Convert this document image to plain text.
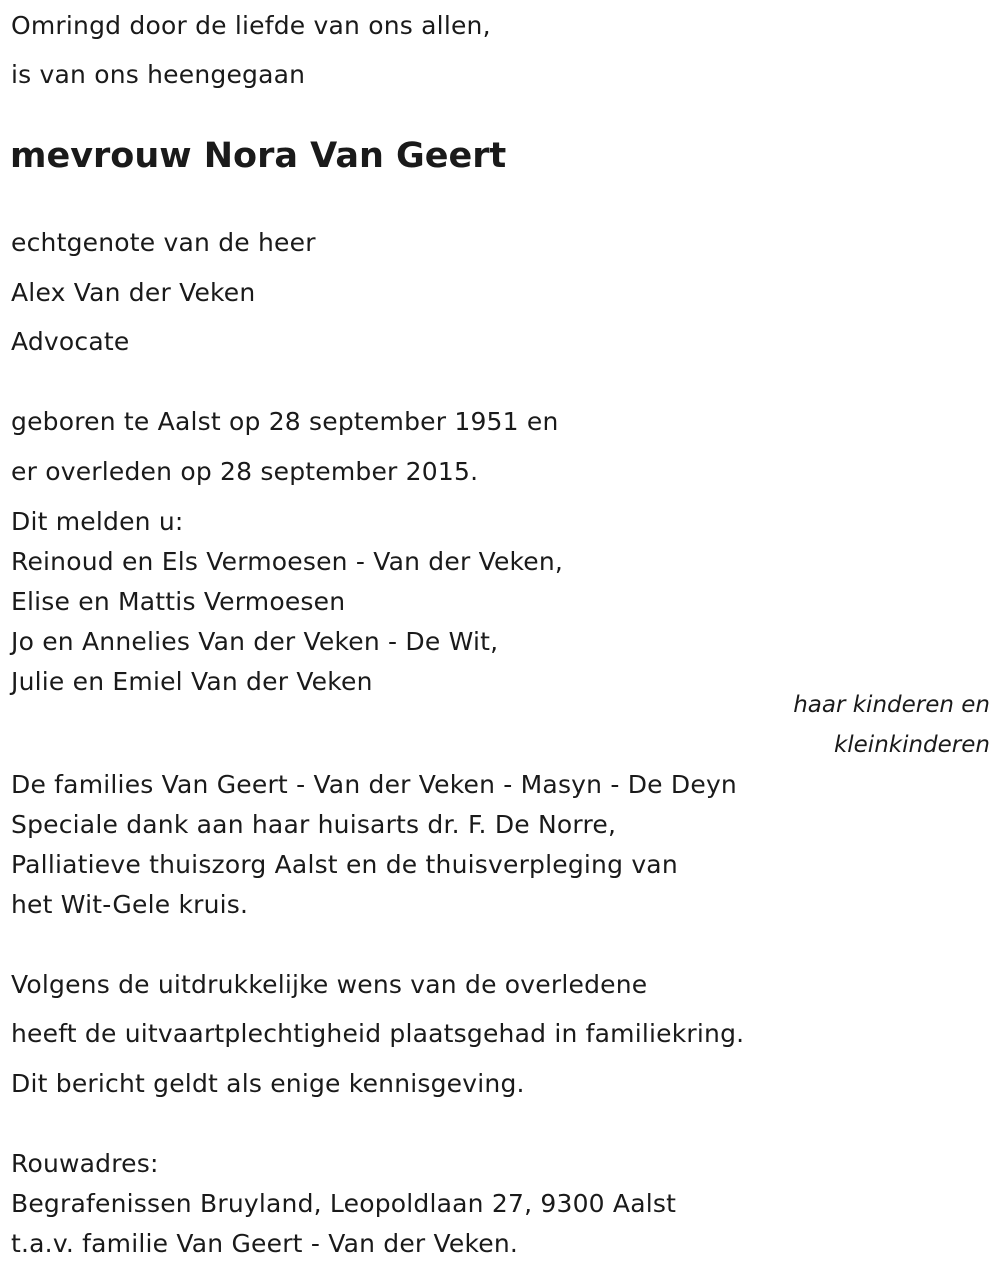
Omringd door de liefde van ons allen,
is van ons heengegaan
mevrouw Nora Van Geert
echtgenote van de heer
Alex Van der Veken
Advocate
geboren te Aalst op 28 september 1951 en
er overleden op 28 september 2015.
Dit melden u:
Reinoud en Els Vermoesen - Van der Veken,
Elise en Mattis Vermoesen
Jo en Annelies Van der Veken - De Wit,
Julie en Emiel Van der Veken
haar kinderen en
kleinkinderen
De families Van Geert - Van der Veken - Masyn - De Deyn
Speciale dank aan haar huisarts dr. F. De Norre,
Palliatieve thuiszorg Aalst en de thuisverpleging van
het Wit-Gele kruis.
Volgens de uitdrukkelijke wens van de overledene
heeft de uitvaartplechtigheid plaatsgehad in familiekring.
Dit bericht geldt als enige kennisgeving.
Rouwadres:
Begrafenissen Bruyland, Leopoldlaan 27, 9300 Aalst
t.a.v. familie Van Geert - Van der Veken.
